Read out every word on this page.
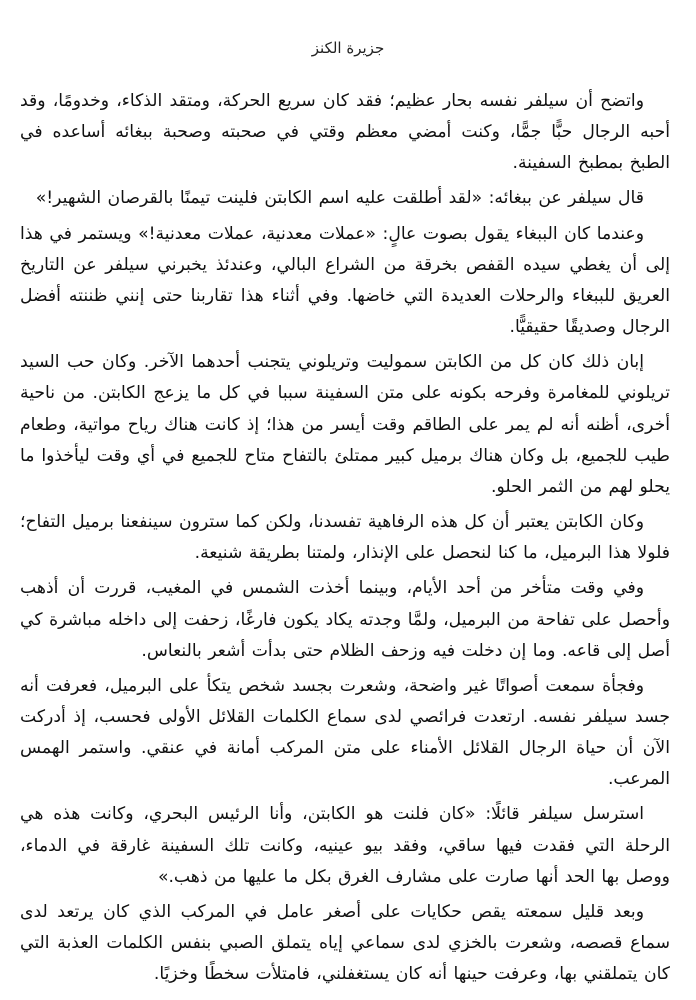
جزيرة الكنز

واتضح أن سيلفر نفسه بحار عظيم؛ فقد كان سريع الحركة، ومتقد الذكاء، وخدومًا، وقد أحبه الرجال حبًّا جمًّا، وكنت أمضي معظم وقتي في صحبته وصحبة ببغائه أساعده في الطبخ بمطبخ السفينة.

قال سيلفر عن ببغائه: «لقد أطلقت عليه اسم الكابتن فلينت تيمنًا بالقرصان الشهير!»

وعندما كان الببغاء يقول بصوت عالٍ: «عملات معدنية، عملات معدنية!» ويستمر في هذا إلى أن يغطي سيده القفص بخرقة من الشراع البالي، وعندئذ يخبرني سيلفر عن التاريخ العريق للببغاء والرحلات العديدة التي خاضها. وفي أثناء هذا تقاربنا حتى إنني ظننته أفضل الرجال وصديقًا حقيقيًّا.

إبان ذلك كان كل من الكابتن سموليت وتريلوني يتجنب أحدهما الآخر. وكان حب السيد تريلوني للمغامرة وفرحه بكونه على متن السفينة سببا في كل ما يزعج الكابتن. من ناحية أخرى، أظنه أنه لم يمر على الطاقم وقت أيسر من هذا؛ إذ كانت هناك رياح مواتية، وطعام طيب للجميع، بل وكان هناك برميل كبير ممتلئ بالتفاح متاح للجميع في أي وقت ليأخذوا ما يحلو لهم من الثمر الحلو.

وكان الكابتن يعتبر أن كل هذه الرفاهية تفسدنا، ولكن كما سترون سينفعنا برميل التفاح؛ فلولا هذا البرميل، ما كنا لنحصل على الإنذار، ولمتنا بطريقة شنيعة.

وفي وقت متأخر من أحد الأيام، وبينما أخذت الشمس في المغيب، قررت أن أذهب وأحصل على تفاحة من البرميل، ولمَّا وجدته يكاد يكون فارغًا، زحفت إلى داخله مباشرة كي أصل إلى قاعه. وما إن دخلت فيه وزحف الظلام حتى بدأت أشعر بالنعاس.

وفجأة سمعت أصواتًا غير واضحة، وشعرت بجسد شخص يتكأ على البرميل، فعرفت أنه جسد سيلفر نفسه. ارتعدت فرائصي لدى سماع الكلمات القلائل الأولى فحسب، إذ أدركت الآن أن حياة الرجال القلائل الأمناء على متن المركب أمانة في عنقي. واستمر الهمس المرعب.

استرسل سيلفر قائلًا: «كان فلنت هو الكابتن، وأنا الرئيس البحري، وكانت هذه هي الرحلة التي فقدت فيها ساقي، وفقد بيو عينيه، وكانت تلك السفينة غارقة في الدماء، ووصل بها الحد أنها صارت على مشارف الغرق بكل ما عليها من ذهب.»

وبعد قليل سمعته يقص حكايات على أصغر عامل في المركب الذي كان يرتعد لدى سماع قصصه، وشعرت بالخزي لدى سماعي إياه يتملق الصبي بنفس الكلمات العذبة التي كان يتملقني بها، وعرفت حينها أنه كان يستغفلني، فامتلأت سخطًا وخزيًا.
